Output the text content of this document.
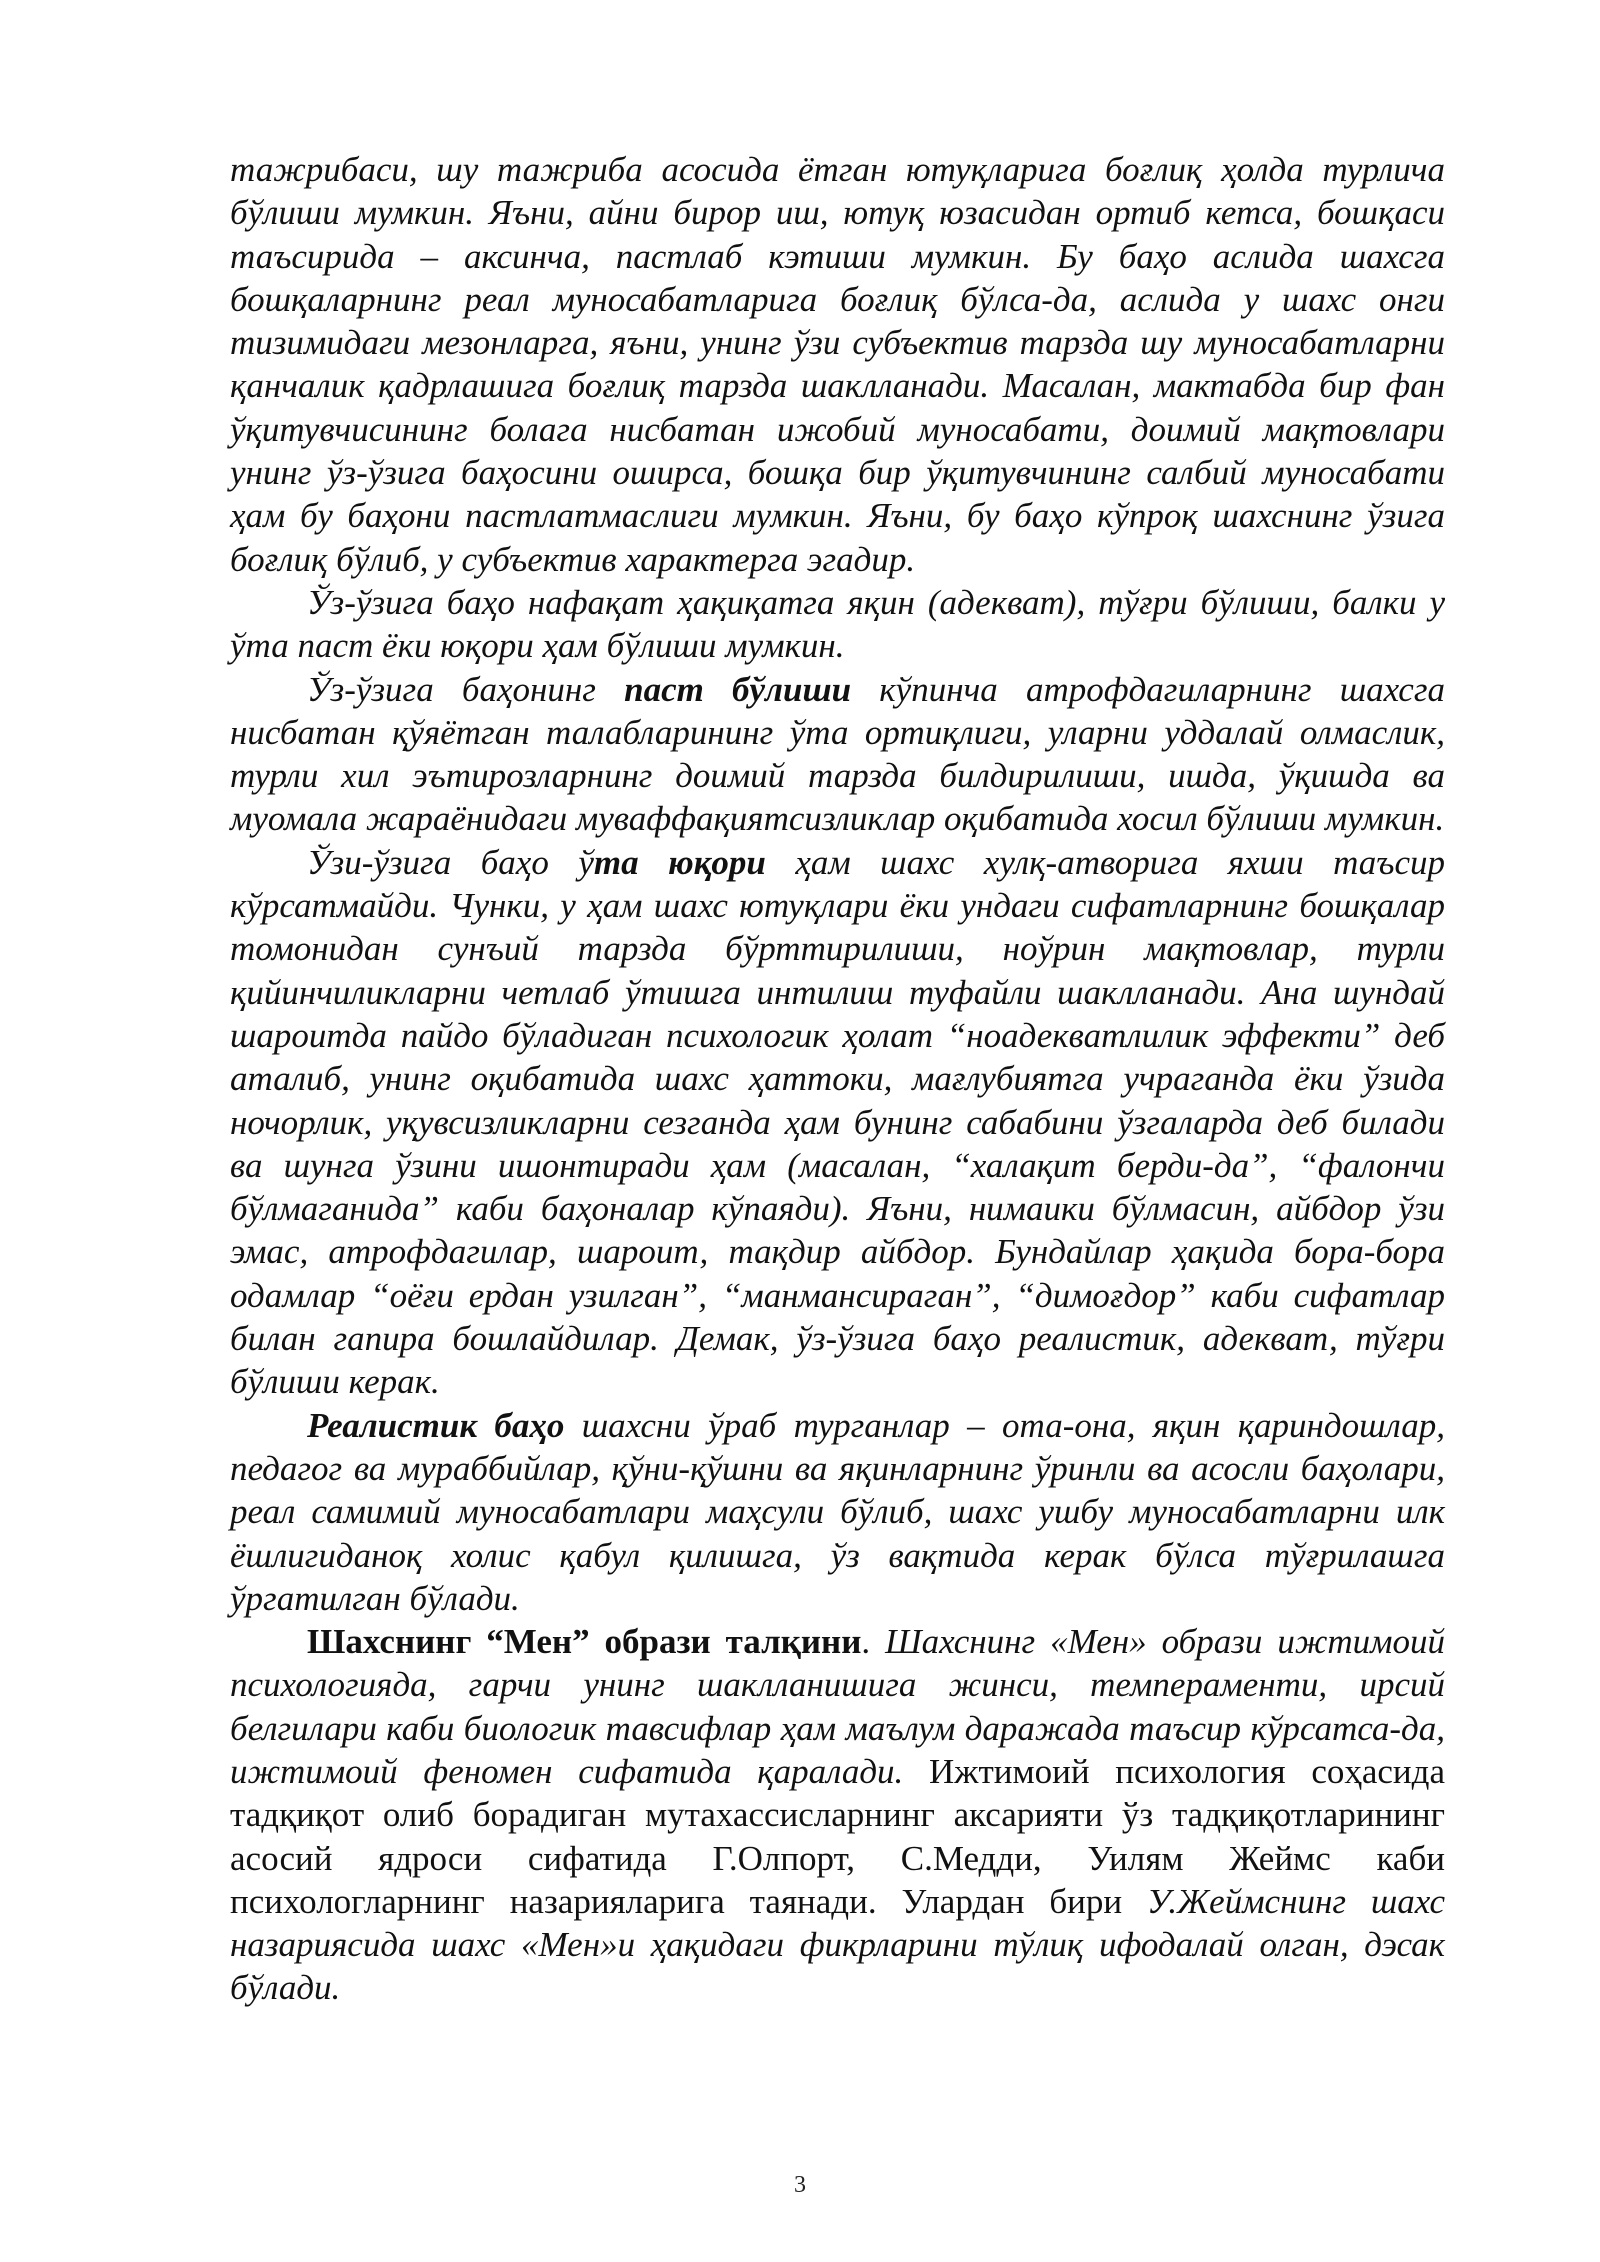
тажрибаси, шу тажриба асосида ётган ютуқларига боғлиқ ҳолда турлича бўлиши мумкин. Яъни, айни бирор иш, ютуқ юзасидан ортиб кетса, бошқаси таъсирида – аксинча, пастлаб кэтиши мумкин. Бу баҳо аслида шахсга бошқаларнинг реал муносабатларига боғлиқ бўлса-да, аслида у шахс онги тизимидаги мезонларга, яъни, унинг ўзи субъектив тарзда шу муносабатларни қанчалик қадрлашига боғлиқ тарзда шаклланади. Масалан, мактабда бир фан ўқитувчисининг болага нисбатан ижобий муносабати, доимий мақтовлари унинг ўз-ўзига баҳосини оширса, бошқа бир ўқитувчининг салбий муносабати ҳам бу баҳони пастлатмаслиги мумкин. Яъни, бу баҳо кўпроқ шахснинг ўзига боғлиқ бўлиб, у субъектив характерга эгадир.

Ўз-ўзига баҳо нафақат ҳақиқатга яқин (адекват), тўғри бўлиши, балки у ўта паст ёки юқори ҳам бўлиши мумкин.

Ўз-ўзига баҳонинг паст бўлиши кўпинча атрофдагиларнинг шахсга нисбатан қўяётган талабларининг ўта ортиқлиги, уларни уддалай олмаслик, турли хил эътирозларнинг доимий тарзда билдирилиши, ишда, ўқишда ва муомала жараёнидаги муваффақиятсизликлар оқибатида хосил бўлиши мумкин.

Ўзи-ўзига баҳо ўта юқори ҳам шахс хулқ-атворига яхши таъсир кўрсатмайди. Чунки, у ҳам шахс ютуқлари ёки ундаги сифатларнинг бошқалар томонидан сунъий тарзда бўрттирилиши, ноўрин мақтовлар, турли қийинчиликларни четлаб ўтишга интилиш туфайли шаклланади. Ана шундай шароитда пайдо бўладиган психологик ҳолат “ноадекватлилик эффекти” деб аталиб, унинг оқибатида шахс ҳаттоки, мағлубиятга учраганда ёки ўзида ночорлик, уқувсизликларни сезганда ҳам бунинг сабабини ўзгаларда деб билади ва шунга ўзини ишонтиради ҳам (масалан, “халақит берди-да”, “фалончи бўлмаганида” каби баҳоналар кўпаяди). Яъни, нимаики бўлмасин, айбдор ўзи эмас, атрофдагилар, шароит, тақдир айбдор. Бундайлар ҳақида бора-бора одамлар “оёғи ердан узилган”, “манмансираган”, “димоғдор” каби сифатлар билан гапира бошлайдилар. Демак, ўз-ўзига баҳо реалистик, адекват, тўғри бўлиши керак.

Реалистик баҳо шахсни ўраб турганлар – ота-она, яқин қариндошлар, педагог ва мураббийлар, қўни-қўшни ва яқинларнинг ўринли ва асосли баҳолари, реал самимий муносабатлари маҳсули бўлиб, шахс ушбу муносабатларни илк ёшлигиданоқ холис қабул қилишга, ўз вақтида керак бўлса тўғрилашга ўргатилган бўлади.

Шахснинг “Мен” образи талқини. Шахснинг «Мен» образи ижтимоий психологияда, гарчи унинг шаклланишига жинси, темпераменти, ирсий белгилари каби биологик тавсифлар ҳам маълум даражада таъсир кўрсатса-да, ижтимоий феномен сифатида қаралади. Ижтимоий психология соҳасида тадқиқот олиб борадиган мутахассисларнинг аксарияти ўз тадқиқотларининг асосий ядроси сифатида Г.Олпорт, С.Медди, Уилям Жеймс каби психологларнинг назарияларига таянади. Улардан бири У.Жеймснинг шахс назариясида шахс «Мен»и ҳақидаги фикрларини тўлиқ ифодалай олган, дэсак бўлади.

3
